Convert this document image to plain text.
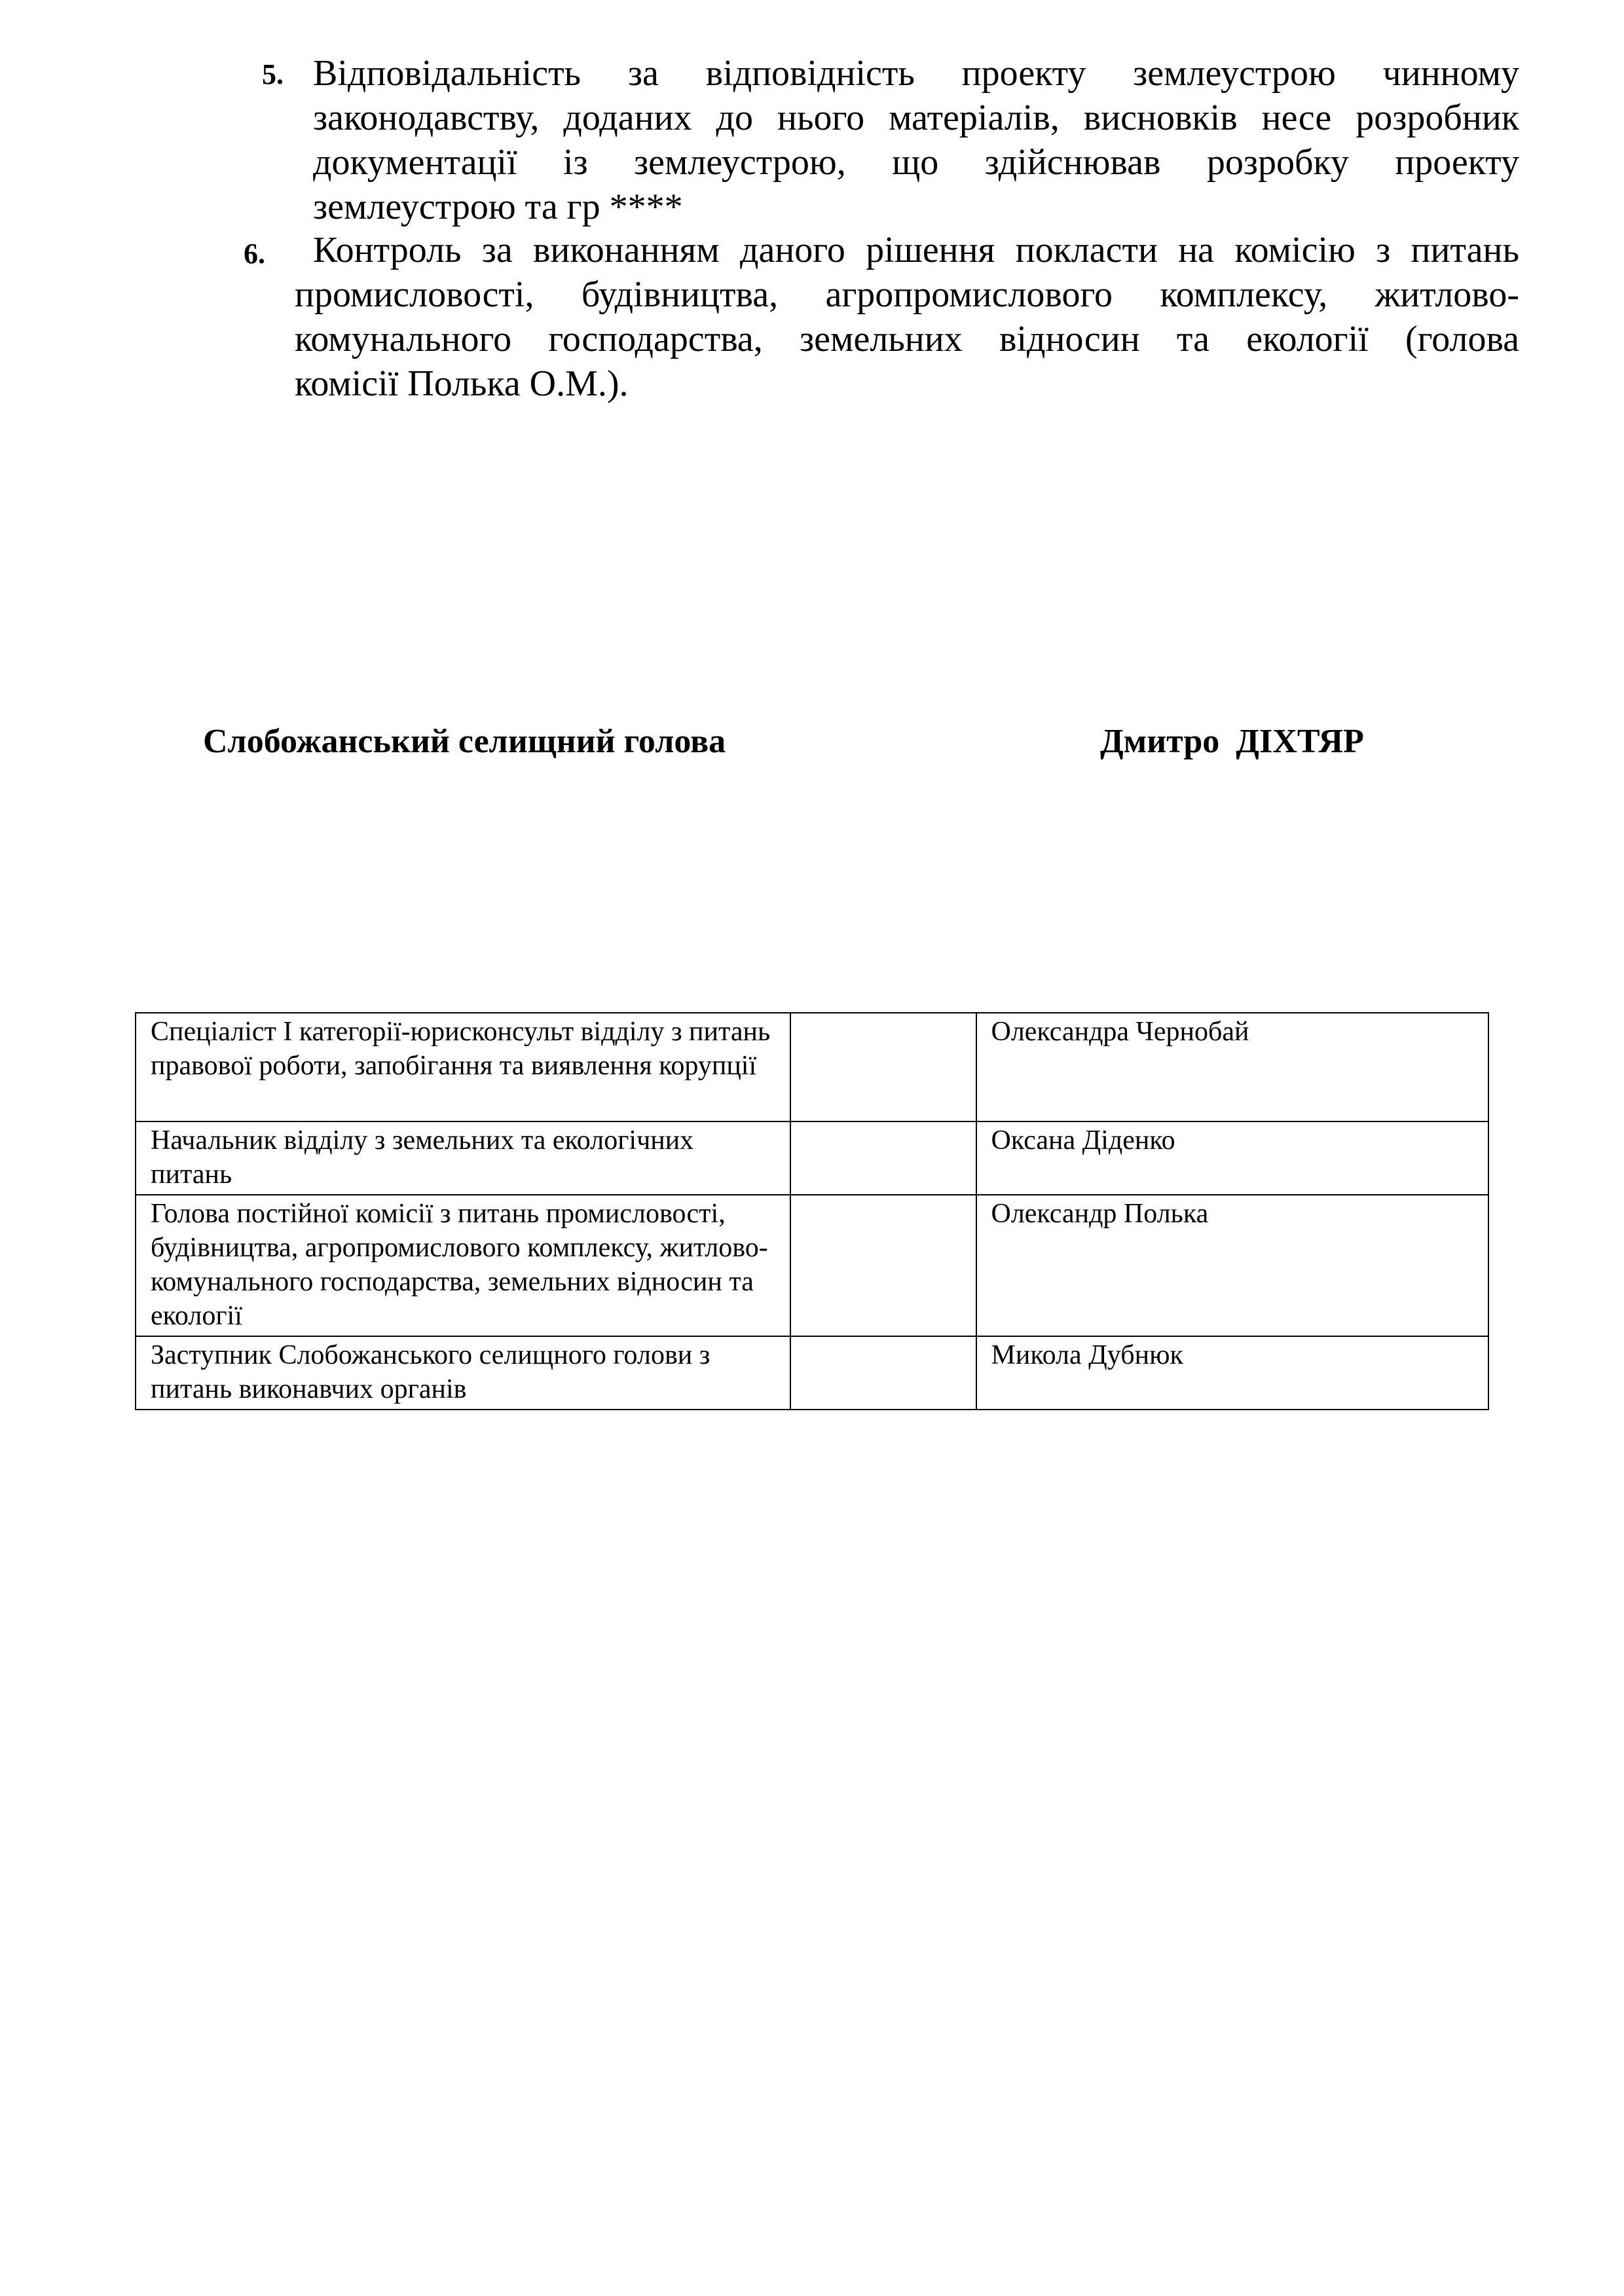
5. Відповідальність за відповідність проекту землеустрою чинному
законодавству, доданих до нього матеріалів, висновків несе розробник
документації із землеустрою, що здійснював розробку проекту
землеустрою та гр ****
6.	Контроль за виконанням даного рішення покласти на комісію з питань
промисловості, будівництва, агропромислового комплексу, житлово-
комунального господарства, земельних відносин та екології (голова
комісії Полька О.М.).
Слобожанський селищний голова	Дмитро ДІХТЯР
Спеціаліст І категорії-юрисконсульт відділу з питань правової роботи, запобігання та виявлення корупції		Олександра Чернобай
Начальник відділу з земельних та екологічних питань		Оксана Діденко
Голова постійної комісії з питань промисловості, будівництва, агропромислового комплексу, житлово-комунального господарства, земельних відносин та екології		Олександр Полька
Заступник Слобожанського селищного голови з питань виконавчих органів		Микола Дубнюк
